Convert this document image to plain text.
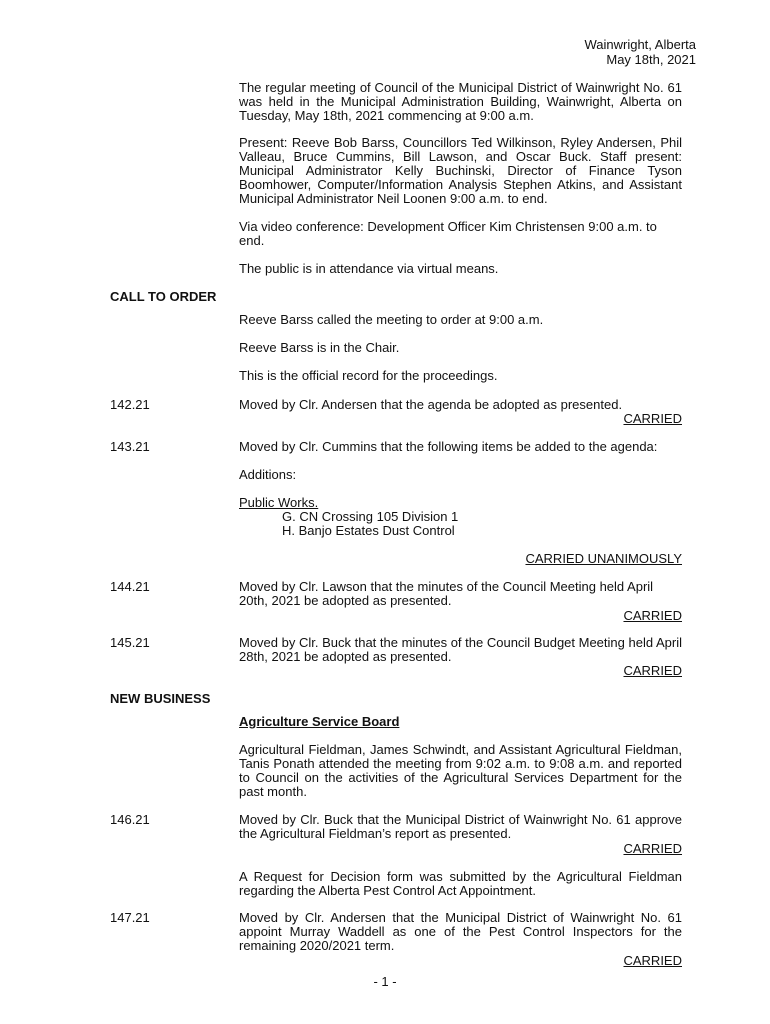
Wainwright, Alberta
May 18th, 2021

The regular meeting of Council of the Municipal District of Wainwright No. 61 was held in the Municipal Administration Building, Wainwright, Alberta on Tuesday, May 18th, 2021 commencing at 9:00 a.m.

Present: Reeve Bob Barss, Councillors Ted Wilkinson, Ryley Andersen, Phil Valleau, Bruce Cummins, Bill Lawson, and Oscar Buck. Staff present: Municipal Administrator Kelly Buchinski, Director of Finance Tyson Boomhower, Computer/Information Analysis Stephen Atkins, and Assistant Municipal Administrator Neil Loonen 9:00 a.m. to end.

Via video conference: Development Officer Kim Christensen 9:00 a.m. to end.

The public is in attendance via virtual means.

CALL TO ORDER

Reeve Barss called the meeting to order at 9:00 a.m.

Reeve Barss is in the Chair.

This is the official record for the proceedings.

142.21	Moved by Clr. Andersen that the agenda be adopted as presented.

CARRIED
143.21	Moved by Clr. Cummins that the following items be added to the agenda:

Additions:

Public Works.
G. CN Crossing 105 Division 1
H. Banjo Estates Dust Control
CARRIED UNANIMOUSLY
144.21	Moved by Clr. Lawson that the minutes of the Council Meeting held April 20th, 2021 be adopted as presented.

CARRIED
145.21	Moved by Clr. Buck that the minutes of the Council Budget Meeting held April 28th, 2021 be adopted as presented.

CARRIED
NEW BUSINESS

Agriculture Service Board

Agricultural Fieldman, James Schwindt, and Assistant Agricultural Fieldman, Tanis Ponath attended the meeting from 9:02 a.m. to 9:08 a.m. and reported to Council on the activities of the Agricultural Services Department for the past month.

146.21	Moved by Clr. Buck that the Municipal District of Wainwright No. 61 approve the Agricultural Fieldman’s report as presented.

CARRIED

A Request for Decision form was submitted by the Agricultural Fieldman regarding the Alberta Pest Control Act Appointment.

147.21	Moved by Clr. Andersen that the Municipal District of Wainwright No. 61 appoint Murray Waddell as one of the Pest Control Inspectors for the remaining 2020/2021 term.

CARRIED
- 1 -
